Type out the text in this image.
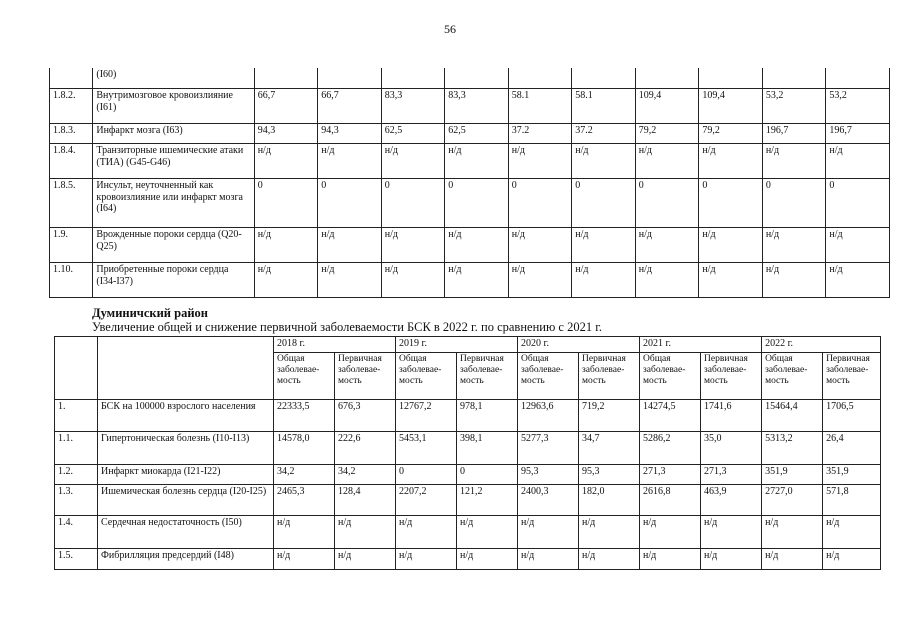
56
	(I60)										
1.8.2.	Внутримозговое кровоизлияние (I61)	66,7	66,7	83,3	83,3	58.1	58.1	109,4	109,4	53,2	53,2
1.8.3.	Инфаркт мозга (I63)	94,3	94,3	62,5	62,5	37.2	37.2	79,2	79,2	196,7	196,7
1.8.4.	Транзиторные ишемические атаки (ТИА) (G45-G46)	н/д	н/д	н/д	н/д	н/д	н/д	н/д	н/д	н/д	н/д
1.8.5.	Инсульт, неуточненный как кровоизлияние или инфаркт мозга (I64)	0	0	0	0	0	0	0	0	0	0
1.9.	Врожденные пороки сердца (Q20-Q25)	н/д	н/д	н/д	н/д	н/д	н/д	н/д	н/д	н/д	н/д
1.10.	Приобретенные пороки сердца (I34-I37)	н/д	н/д	н/д	н/д	н/д	н/д	н/д	н/д	н/д	н/д
Думиничский район
Увеличение общей и снижение первичной заболеваемости БСК в 2022 г. по сравнению с 2021 г.
		2018 г.		2019 г.		2020 г.		2021 г.		2022 г.	
		Общая заболевае-мость	Первичная заболевае-мость	Общая заболевае-мость	Первичная заболевае-мость	Общая заболевае-мость	Первичная заболевае-мость	Общая заболевае-мость	Первичная заболевае-мость	Общая заболевае-мость	Первичная заболевае-мость
1.	БСК на 100000 взрослого населения	22333,5	676,3	12767,2	978,1	12963,6	719,2	14274,5	1741,6	15464,4	1706,5
1.1.	Гипертоническая болезнь (I10-I13)	14578,0	222,6	5453,1	398,1	5277,3	34,7	5286,2	35,0	5313,2	26,4
1.2.	Инфаркт миокарда (I21-I22)	34,2	34,2	0	0	95,3	95,3	271,3	271,3	351,9	351,9
1.3.	Ишемическая болезнь сердца (I20-I25)	2465,3	128,4	2207,2	121,2	2400,3	182,0	2616,8	463,9	2727,0	571,8
1.4.	Сердечная недостаточность (I50)	н/д	н/д	н/д	н/д	н/д	н/д	н/д	н/д	н/д	н/д
1.5.	Фибрилляция предсердий (I48)	н/д	н/д	н/д	н/д	н/д	н/д	н/д	н/д	н/д	н/д
